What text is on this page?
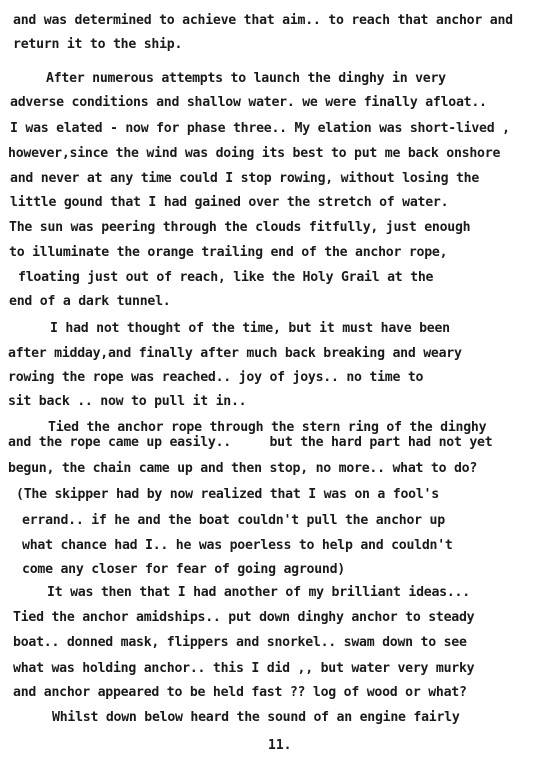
and was determined to achieve that aim.. to reach that anchor and
return it to the ship.
After numerous attempts to launch the dinghy in very
adverse conditions and shallow water. we were finally afloat..
I was elated - now for phase three.. My elation was short-lived ,
however,since the wind was doing its best to put me back onshore
and never at any time could I stop rowing, without losing the
little gound that I had gained over the stretch of water.
The sun was peering through the clouds fitfully, just enough
to illuminate the orange trailing end of the anchor rope,
floating just out of reach, like the Holy Grail at the
end of a dark tunnel.
I had not thought of the time, but it must have been
after midday,and finally after much back breaking and weary
rowing the rope was reached.. joy of joys.. no time to
sit back .. now to pull it in..
Tied the anchor rope through the stern ring of the dinghy
and the rope came up easily..     but the hard part had not yet
begun, the chain came up and then stop, no more.. what to do?
(The skipper had by now realized that I was on a fool's
errand.. if he and the boat couldn't pull the anchor up
what chance had I.. he was poerless to help and couldn't
come any closer for fear of going aground)
It was then that I had another of my brilliant ideas...
Tied the anchor amidships.. put down dinghy anchor to steady
boat.. donned mask, flippers and snorkel.. swam down to see
what was holding anchor.. this I did ,, but water very murky
and anchor appeared to be held fast ?? log of wood or what?
Whilst down below heard the sound of an engine fairly
11.
